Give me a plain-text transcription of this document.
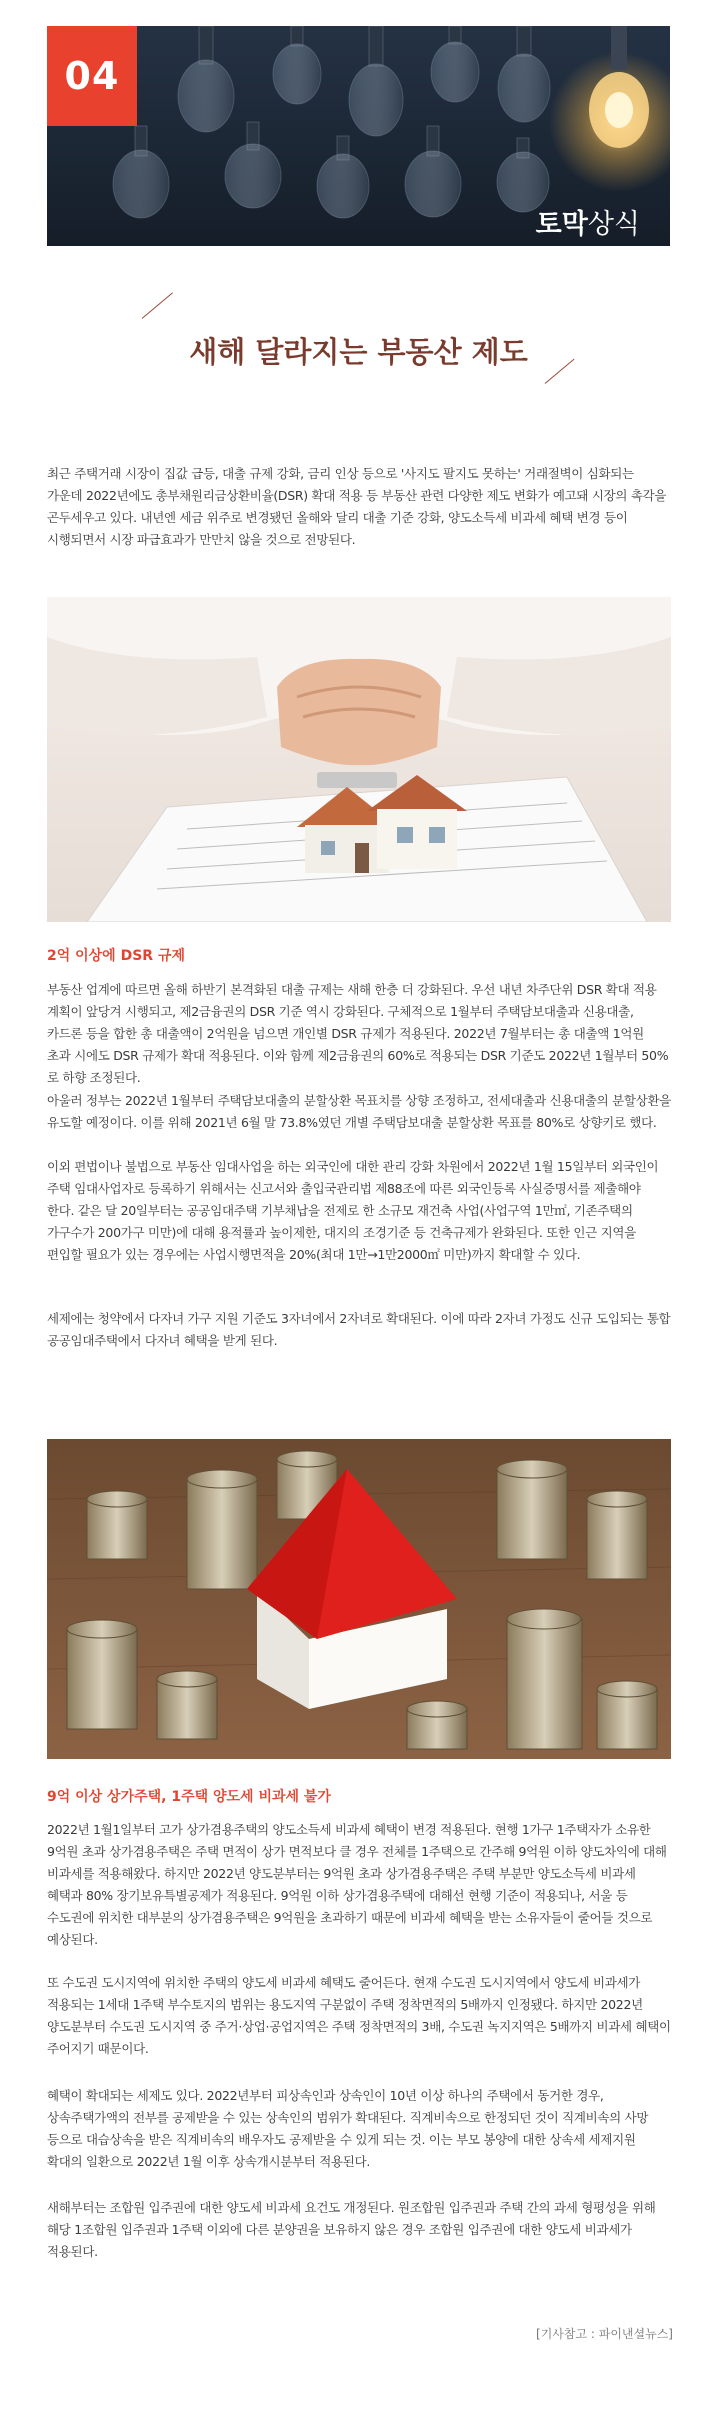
04
토막상식
새해 달라지는 부동산 제도

최근 주택거래 시장이 집값 급등, 대출 규제 강화, 금리 인상 등으로 '사지도 팔지도 못하는' 거래절벽이 심화되는 가운데 2022년에도 총부채원리금상환비율(DSR) 확대 적용 등 부동산 관련 다양한 제도 변화가 예고돼 시장의 촉각을 곤두세우고 있다. 내년엔 세금 위주로 변경됐던 올해와 달리 대출 기준 강화, 양도소득세 비과세 혜택 변경 등이 시행되면서 시장 파급효과가 만만치 않을 것으로 전망된다.

2억 이상에 DSR 규제

부동산 업계에 따르면 올해 하반기 본격화된 대출 규제는 새해 한층 더 강화된다. 우선 내년 차주단위 DSR 확대 적용 계획이 앞당겨 시행되고, 제2금융권의 DSR 기준 역시 강화된다. 구체적으로 1월부터 주택담보대출과 신용대출, 카드론 등을 합한 총 대출액이 2억원을 넘으면 개인별 DSR 규제가 적용된다. 2022년 7월부터는 총 대출액 1억원 초과 시에도 DSR 규제가 확대 적용된다. 이와 함께 제2금융권의 60%로 적용되는 DSR 기준도 2022년 1월부터 50%로 하향 조정된다.

아울러 정부는 2022년 1월부터 주택담보대출의 분할상환 목표치를 상향 조정하고, 전세대출과 신용대출의 분할상환을 유도할 예정이다. 이를 위해 2021년 6월 말 73.8%였던 개별 주택담보대출 분할상환 목표를 80%로 상향키로 했다.

이외 편법이나 불법으로 부동산 임대사업을 하는 외국인에 대한 관리 강화 차원에서 2022년 1월 15일부터 외국인이 주택 임대사업자로 등록하기 위해서는 신고서와 출입국관리법 제88조에 따른 외국인등록 사실증명서를 제출해야 한다. 같은 달 20일부터는 공공임대주택 기부채납을 전제로 한 소규모 재건축 사업(사업구역 1만㎡, 기존주택의 가구수가 200가구 미만)에 대해 용적률과 높이제한, 대지의 조경기준 등 건축규제가 완화된다. 또한 인근 지역을 편입할 필요가 있는 경우에는 사업시행면적을 20%(최대 1만→1만2000㎡ 미만)까지 확대할 수 있다.

세제에는 청약에서 다자녀 가구 지원 기준도 3자녀에서 2자녀로 확대된다. 이에 따라 2자녀 가정도 신규 도입되는 통합 공공임대주택에서 다자녀 혜택을 받게 된다.

9억 이상 상가주택, 1주택 양도세 비과세 불가

2022년 1월1일부터 고가 상가겸용주택의 양도소득세 비과세 혜택이 변경 적용된다. 현행 1가구 1주택자가 소유한 9억원 초과 상가겸용주택은 주택 면적이 상가 면적보다 클 경우 전체를 1주택으로 간주해 9억원 이하 양도차익에 대해 비과세를 적용해왔다. 하지만 2022년 양도분부터는 9억원 초과 상가겸용주택은 주택 부분만 양도소득세 비과세 혜택과 80% 장기보유특별공제가 적용된다. 9억원 이하 상가겸용주택에 대해선 현행 기준이 적용되나, 서울 등 수도권에 위치한 대부분의 상가겸용주택은 9억원을 초과하기 때문에 비과세 혜택을 받는 소유자들이 줄어들 것으로 예상된다.

또 수도권 도시지역에 위치한 주택의 양도세 비과세 혜택도 줄어든다. 현재 수도권 도시지역에서 양도세 비과세가 적용되는 1세대 1주택 부수토지의 범위는 용도지역 구분없이 주택 정착면적의 5배까지 인정됐다. 하지만 2022년 양도분부터 수도권 도시지역 중 주거·상업·공업지역은 주택 정착면적의 3배, 수도권 녹지지역은 5배까지 비과세 혜택이 주어지기 때문이다.

혜택이 확대되는 세제도 있다. 2022년부터 피상속인과 상속인이 10년 이상 하나의 주택에서 동거한 경우, 상속주택가액의 전부를 공제받을 수 있는 상속인의 범위가 확대된다. 직계비속으로 한정되던 것이 직계비속의 사망 등으로 대습상속을 받은 직계비속의 배우자도 공제받을 수 있게 되는 것. 이는 부모 봉양에 대한 상속세 세제지원 확대의 일환으로 2022년 1월 이후 상속개시분부터 적용된다.

새해부터는 조합원 입주권에 대한 양도세 비과세 요건도 개정된다. 원조합원 입주권과 주택 간의 과세 형평성을 위해 해당 1조합원 입주권과 1주택 이외에 다른 분양권을 보유하지 않은 경우 조합원 입주권에 대한 양도세 비과세가 적용된다.

[기사참고 : 파이낸셜뉴스]
